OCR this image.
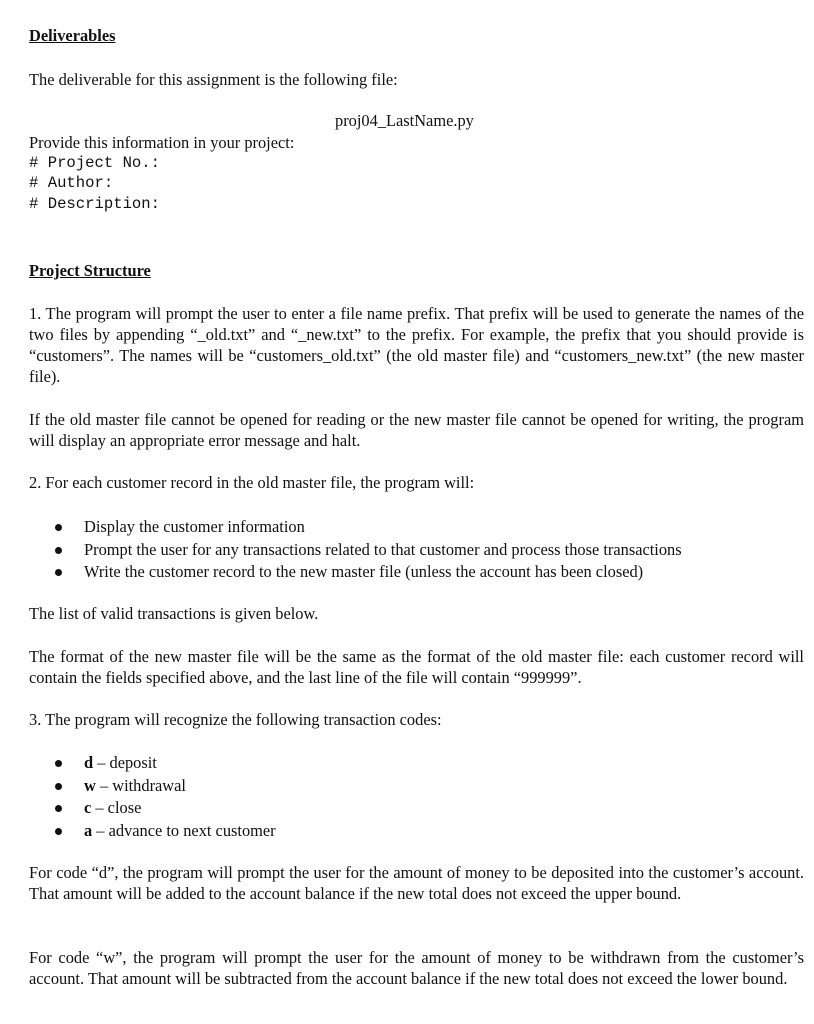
Deliverables
The deliverable for this assignment is the following file:
proj04_LastName.py
Provide this information in your project:
# Project No.:
# Author:
# Description:
Project Structure
1. The program will prompt the user to enter a file name prefix. That prefix will be used to generate the names of the two files by appending “_old.txt” and “_new.txt” to the prefix. For example, the prefix that you should provide is “customers”. The names will be “customers_old.txt” (the old master file) and “customers_new.txt” (the new master file).
If the old master file cannot be opened for reading or the new master file cannot be opened for writing, the program will display an appropriate error message and halt.
2. For each customer record in the old master file, the program will:
Display the customer information
Prompt the user for any transactions related to that customer and process those transactions
Write the customer record to the new master file (unless the account has been closed)
The list of valid transactions is given below.
The format of the new master file will be the same as the format of the old master file: each customer record will contain the fields specified above, and the last line of the file will contain “999999”.
3. The program will recognize the following transaction codes:
d – deposit
w – withdrawal
c – close
a – advance to next customer
For code “d”, the program will prompt the user for the amount of money to be deposited into the customer’s account. That amount will be added to the account balance if the new total does not exceed the upper bound.
For code “w”, the program will prompt the user for the amount of money to be withdrawn from the customer’s account. That amount will be subtracted from the account balance if the new total does not exceed the lower bound.
